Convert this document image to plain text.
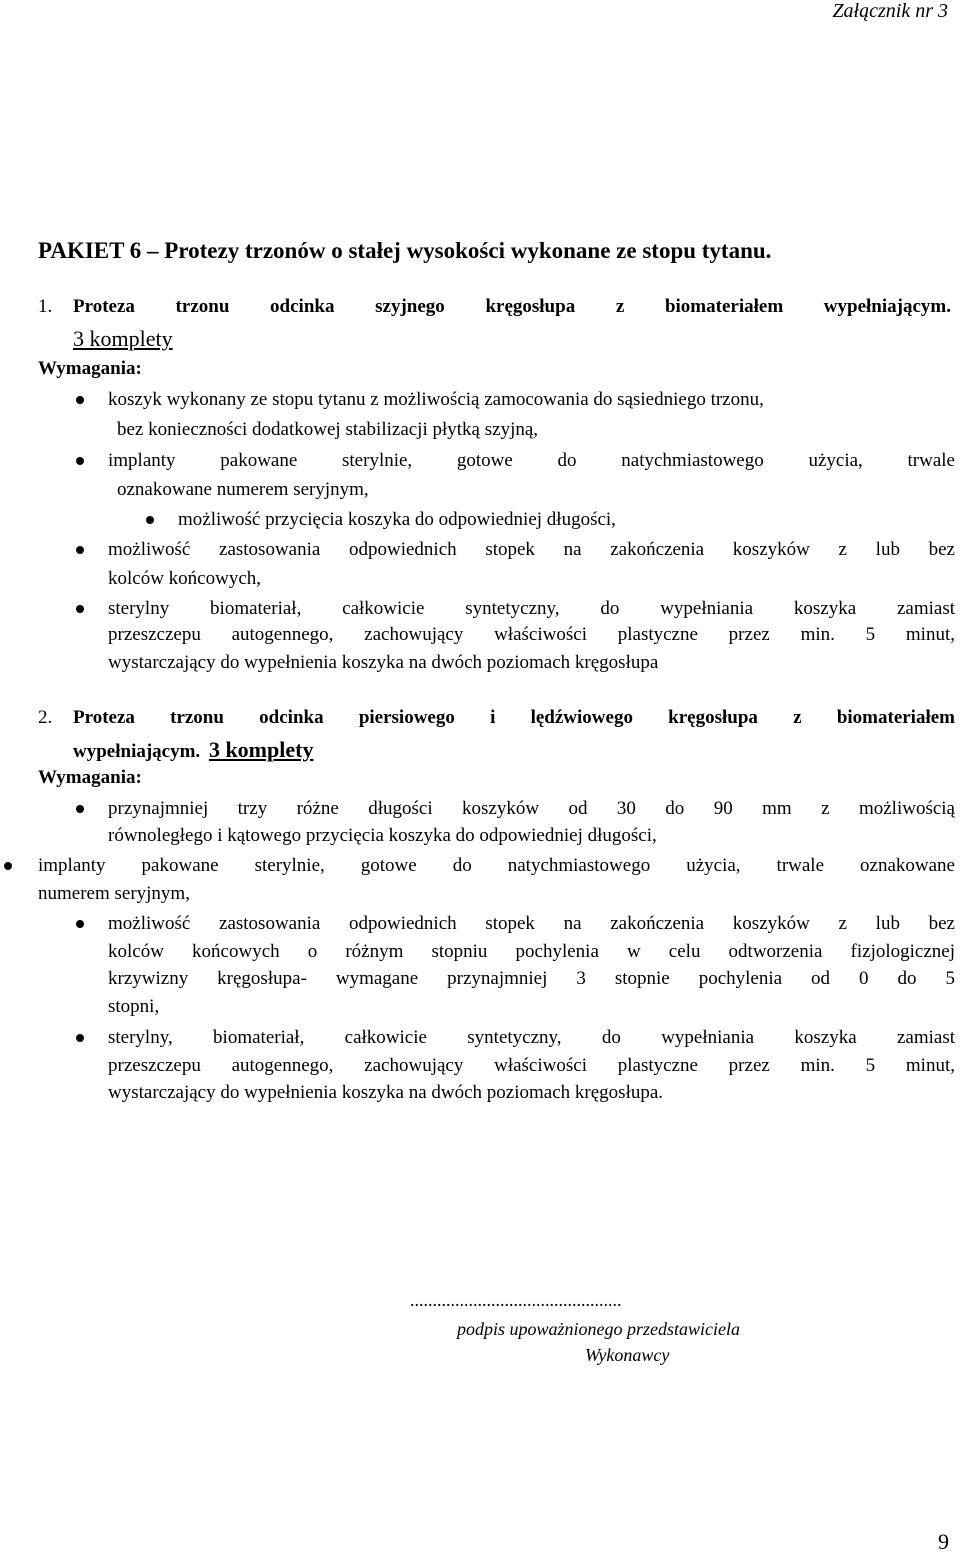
Załącznik nr 3
PAKIET 6 – Protezy trzonów o stałej wysokości wykonane ze stopu tytanu.
1. Proteza trzonu odcinka szyjnego kręgosłupa z biomateriałem wypełniającym.
3 komplety
Wymagania:
koszyk wykonany ze stopu tytanu z możliwością zamocowania do sąsiedniego trzonu,
bez konieczności dodatkowej stabilizacji płytką szyjną,
implanty pakowane sterylnie, gotowe do natychmiastowego użycia, trwale
oznakowane numerem seryjnym,
możliwość przycięcia koszyka do odpowiedniej długości,
możliwość zastosowania odpowiednich stopek na zakończenia koszyków z lub bez
kolców końcowych,
sterylny biomateriał, całkowicie syntetyczny, do wypełniania koszyka zamiast
przeszczepu autogennego, zachowujący właściwości plastyczne przez min. 5 minut,
wystarczający do wypełnienia koszyka na dwóch poziomach kręgosłupa
2. Proteza trzonu odcinka piersiowego i lędźwiowego kręgosłupa z biomateriałem
wypełniającym. 3 komplety
Wymagania:
przynajmniej trzy różne długości koszyków od 30 do 90 mm z możliwością
równoległego i kątowego przycięcia koszyka do odpowiedniej długości,
implanty pakowane sterylnie, gotowe do natychmiastowego użycia, trwale oznakowane
numerem seryjnym,
możliwość zastosowania odpowiednich stopek na zakończenia koszyków z lub bez
kolców końcowych o różnym stopniu pochylenia w celu odtworzenia fizjologicznej
krzywizny kręgosłupa- wymagane przynajmniej 3 stopnie pochylenia od 0 do 5
stopni,
sterylny, biomateriał, całkowicie syntetyczny, do wypełniania koszyka zamiast
przeszczepu autogennego, zachowujący właściwości plastyczne przez min. 5 minut,
wystarczający do wypełnienia koszyka na dwóch poziomach kręgosłupa.
...............................................
podpis upoważnionego przedstawiciela
Wykonawcy
9
